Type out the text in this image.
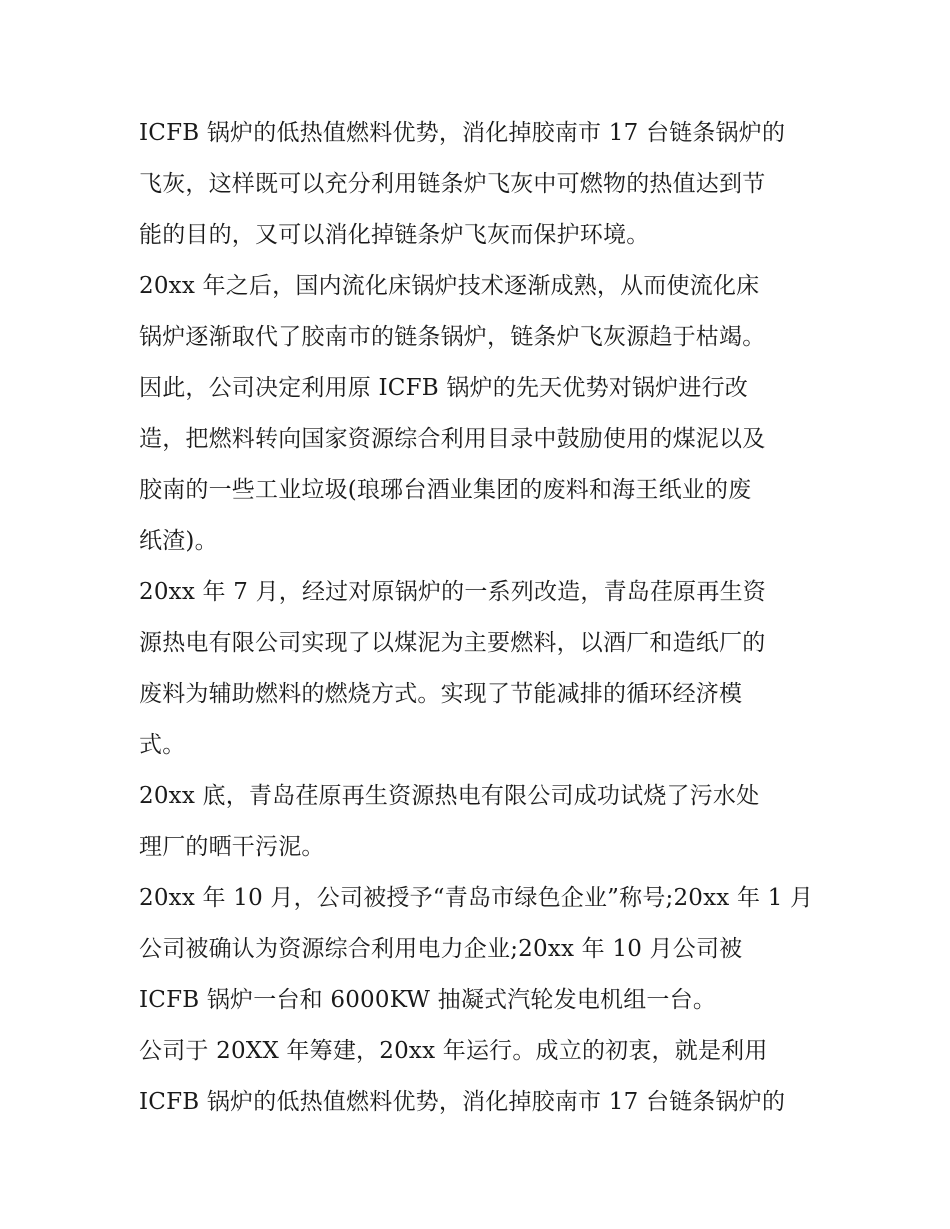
ICFB 锅炉的低热值燃料优势，消化掉胶南市 17 台链条锅炉的
飞灰，这样既可以充分利用链条炉飞灰中可燃物的热值达到节
能的目的，又可以消化掉链条炉飞灰而保护环境。
20xx 年之后，国内流化床锅炉技术逐渐成熟，从而使流化床
锅炉逐渐取代了胶南市的链条锅炉，链条炉飞灰源趋于枯竭。
因此，公司决定利用原 ICFB 锅炉的先天优势对锅炉进行改
造，把燃料转向国家资源综合利用目录中鼓励使用的煤泥以及
胶南的一些工业垃圾(琅琊台酒业集团的废料和海王纸业的废
纸渣)。
20xx 年 7 月，经过对原锅炉的一系列改造，青岛荏原再生资
源热电有限公司实现了以煤泥为主要燃料，以酒厂和造纸厂的
废料为辅助燃料的燃烧方式。实现了节能减排的循环经济模
式。
20xx 底，青岛荏原再生资源热电有限公司成功试烧了污水处
理厂的晒干污泥。
20xx 年 10 月，公司被授予“青岛市绿色企业”称号;20xx 年 1 月
公司被确认为资源综合利用电力企业;20xx 年 10 月公司被
ICFB 锅炉一台和 6000KW 抽凝式汽轮发电机组一台。
公司于 20XX 年筹建，20xx 年运行。成立的初衷，就是利用
ICFB 锅炉的低热值燃料优势，消化掉胶南市 17 台链条锅炉的
